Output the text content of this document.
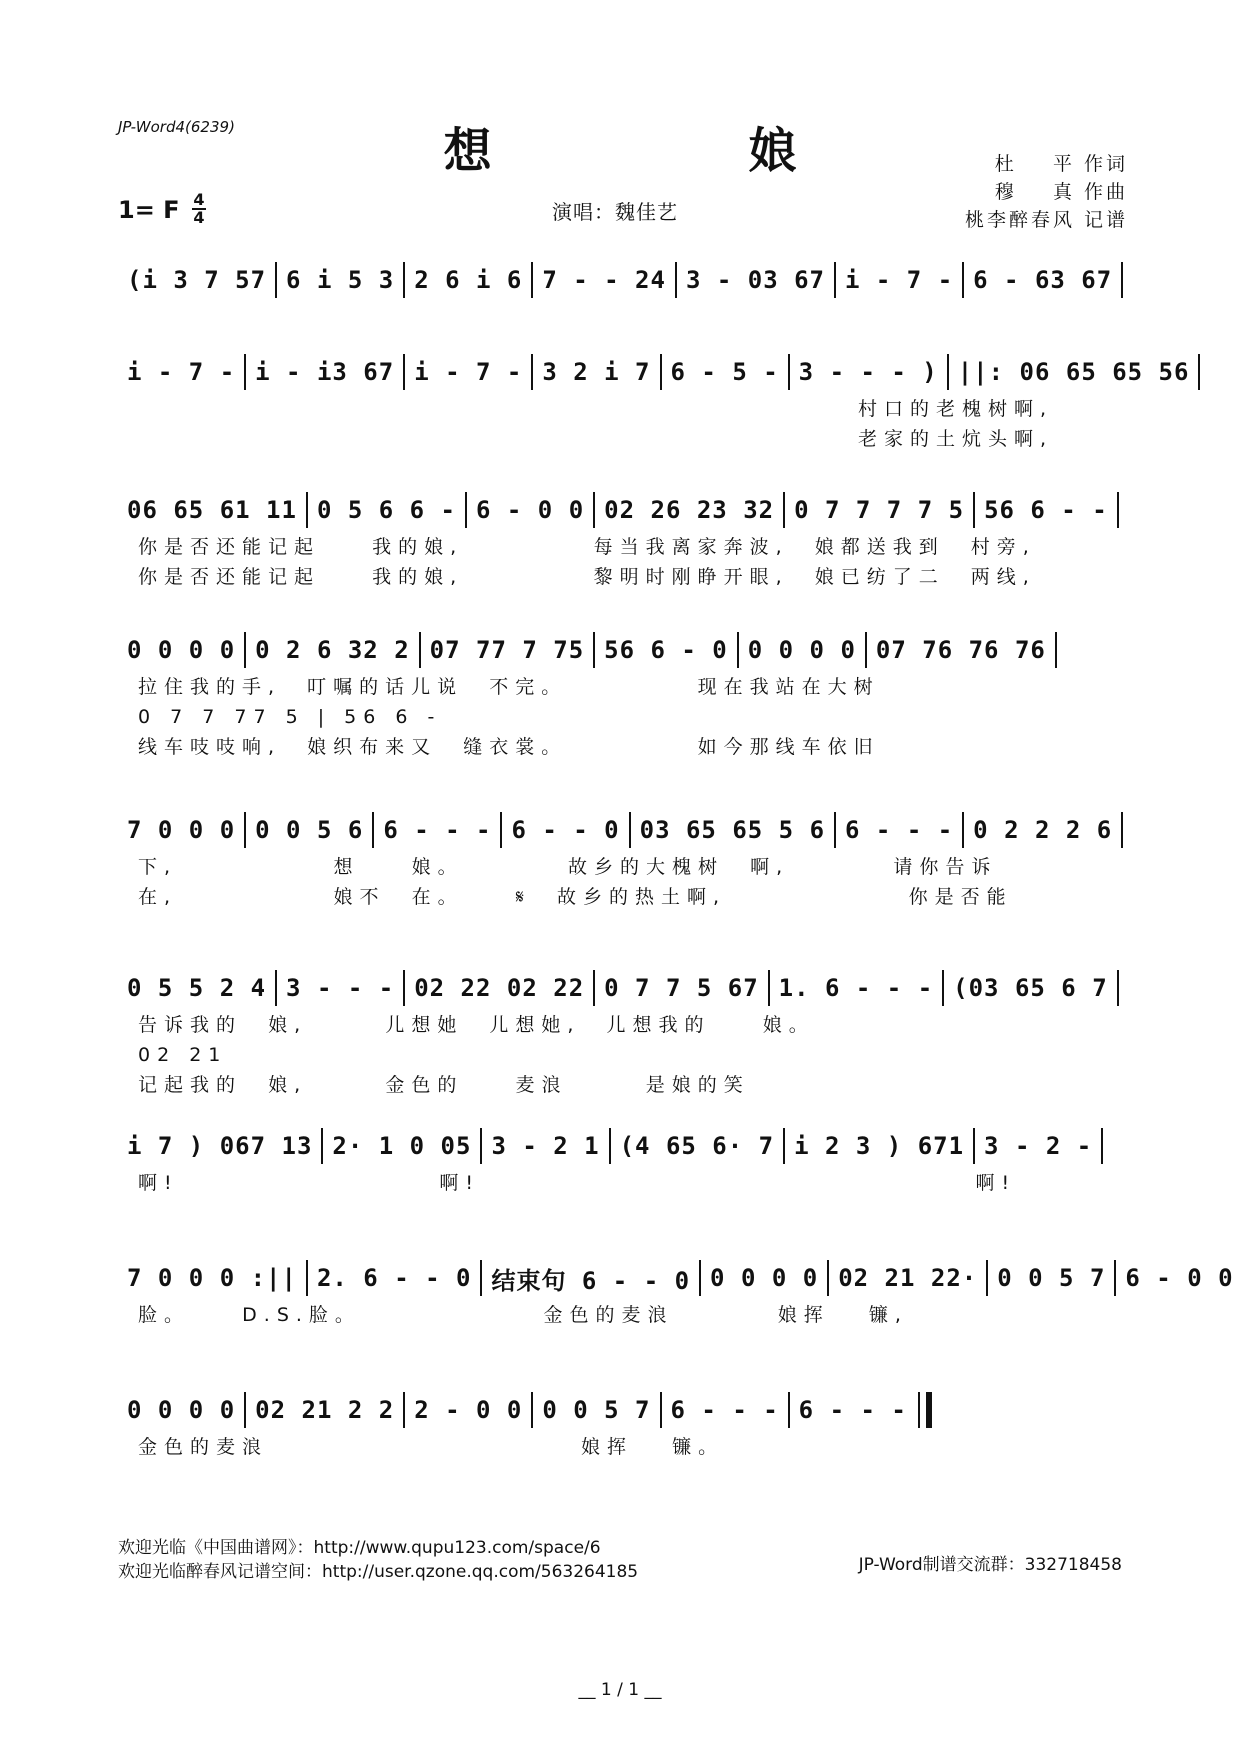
JP-Word4(6239)	想 娘	杜    平 作词
穆    真 作曲
桃李醉春风 记谱
1= F 4
4	演唱：魏佳艺
(i 3 7 57 6 i 5 3 2 6 i 6 7 - - 24 3 - 03 67 i - 7 - 6 - 63 67
i - 7 - i - i3 67 i - 7 - 3 2 i 7 6 - 5 - 3 - - - ) ||: 06 65 65 56
村口的老槐树啊,
老家的土炕头啊,
06 65 61 11 0 5 6 6 - 6 - 0 0 02 26 23 32 0 7 7 7 7 5 56 6 - -
你是否还能记起    我的娘,          每当我离家奔波,  娘都送我到  村旁,
你是否还能记起    我的娘,          黎明时刚睁开眼,  娘已纺了二  两线,
0 0 0 0 0 2 6 32 2 07 77 7 75 56 6 - 0 0 0 0 0 07 76 76 76
拉住我的手,  叮嘱的话儿说  不完。          现在我站在大树
0 7 7 77 5 | 56 6 -
线车吱吱响,  娘织布来又  缝衣裳。          如今那线车依旧
7 0 0 0 0 0 5 6 6 - - - 6 - - 0 03 65 65 5 6 6 - - - 0 2 2 2 6
下,            想    娘。        故乡的大槐树  啊,        请你告诉
在,            娘不  在。    𝄋  故乡的热土啊,              你是否能
0 5 5 2 4 3 - - - 02 22 02 22 0 7 7 5 67 1. 6 - - - (03 65 6 7
告诉我的  娘,      儿想她  儿想她,  儿想我的    娘。
02 21
记起我的  娘,      金色的    麦浪      是娘的笑
i 7 ) 067 13 2· 1 0 05 3 - 2 1 (4 65 6· 7 i 2 3 ) 671 3 - 2 -
啊!                    啊!                                      啊!
7 0 0 0 :|| 2. 6 - - 0 结束句 6 - - 0 0 0 0 0 02 21 22· 0 0 5 7 6 - 0 0
脸。    D.S.脸。              金色的麦浪        娘挥   镰,
0 0 0 0 02 21 2 2 2 - 0 0 0 0 5 7 6 - - - 6 - - -
金色的麦浪                        娘挥   镰。
欢迎光临《中国曲谱网》：http://www.qupu123.com/space/6
欢迎光临醉春风记谱空间：http://user.qzone.qq.com/563264185	JP-Word制谱交流群：332718458
__ 1 / 1 __
